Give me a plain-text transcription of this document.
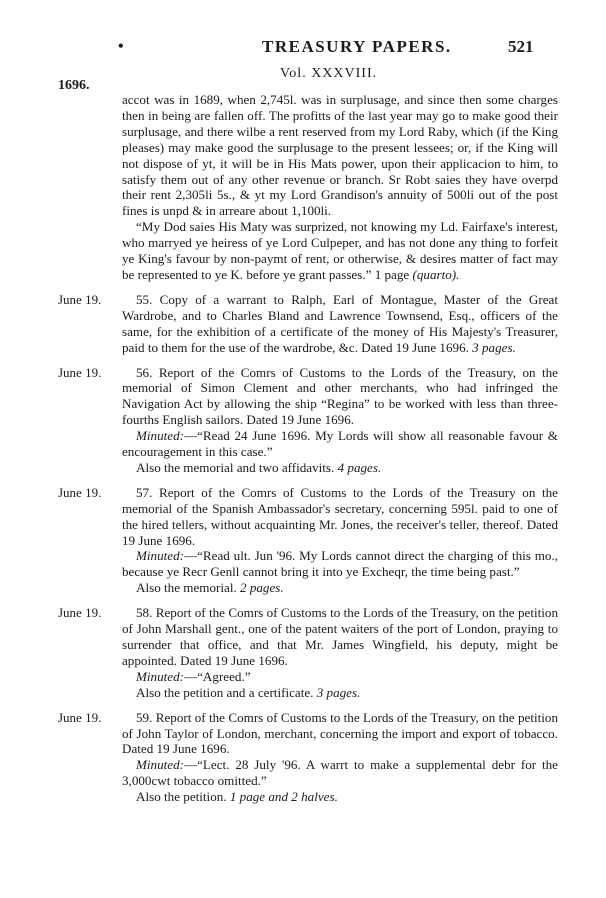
•	TREASURY PAPERS.	521
1696.
Vol. XXXVIII.

accot was in 1689, when 2,745l. was in surplusage, and since then some charges then in being are fallen off. The profitts of the last year may go to make good their surplusage, and there wilbe a rent reserved from my Lord Raby, which (if the King pleases) may make good the surplusage to the present lessees; or, if the King will not dispose of yt, it will be in His Mats power, upon their applicacion to him, to satisfy them out of any other revenue or branch. Sr Robt saies they have overpd their rent 2,305li 5s., & yt my Lord Grandison's annuity of 500li out of the post fines is unpd & in arreare about 1,100li.

“My Dod saies His Maty was surprized, not knowing my Ld. Fairfaxe's interest, who marryed ye heiress of ye Lord Culpeper, and has not done any thing to forfeit ye King's favour by non-paymt of rent, or otherwise, & desires matter of fact may be represented to ye K. before ye grant passes.” 1 page (quarto).

June 19.	55. Copy of a warrant to Ralph, Earl of Montague, Master of the Great Wardrobe, and to Charles Bland and Lawrence Townsend, Esq., officers of the same, for the exhibition of a certificate of the money of His Majesty's Treasurer, paid to them for the use of the wardrobe, &c. Dated 19 June 1696. 3 pages.

June 19.	56. Report of the Comrs of Customs to the Lords of the Treasury, on the memorial of Simon Clement and other merchants, who had infringed the Navigation Act by allowing the ship “Regina” to be worked with less than three-fourths English sailors. Dated 19 June 1696.

Minuted:—“Read 24 June 1696. My Lords will show all reasonable favour & encouragement in this case.”

Also the memorial and two affidavits. 4 pages.

June 19.	57. Report of the Comrs of Customs to the Lords of the Treasury on the memorial of the Spanish Ambassador's secretary, concerning 595l. paid to one of the hired tellers, without acquainting Mr. Jones, the receiver's teller, thereof. Dated 19 June 1696.

Minuted:—“Read ult. Jun '96. My Lords cannot direct the charging of this mo., because ye Recr Genll cannot bring it into ye Excheqr, the time being past.”

Also the memorial. 2 pages.

June 19.	58. Report of the Comrs of Customs to the Lords of the Treasury, on the petition of John Marshall gent., one of the patent waiters of the port of London, praying to surrender that office, and that Mr. James Wingfield, his deputy, might be appointed. Dated 19 June 1696.

Minuted:—“Agreed.”

Also the petition and a certificate. 3 pages.

June 19.	59. Report of the Comrs of Customs to the Lords of the Treasury, on the petition of John Taylor of London, merchant, concerning the import and export of tobacco. Dated 19 June 1696.

Minuted:—“Lect. 28 July '96. A warrt to make a supplemental debr for the 3,000cwt tobacco omitted.”

Also the petition. 1 page and 2 halves.
